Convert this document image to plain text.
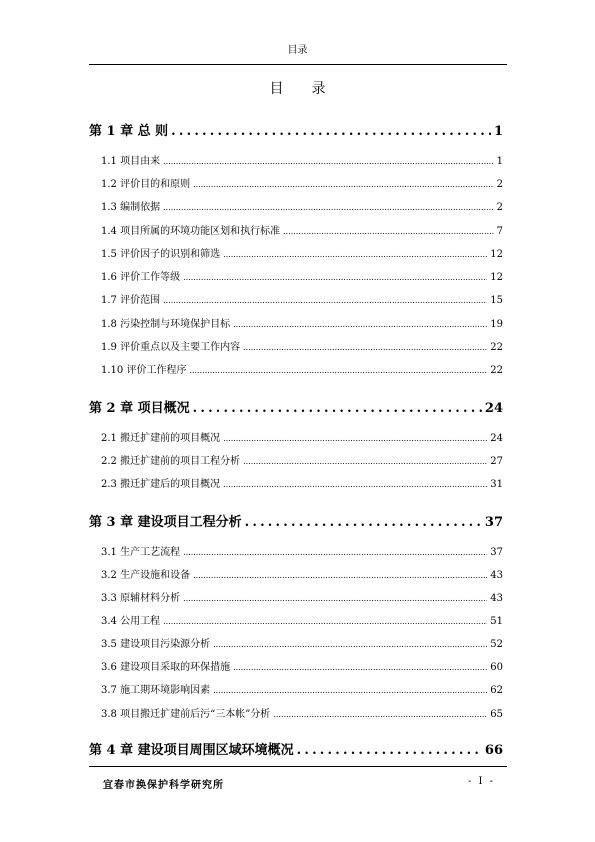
目录
目 录
第 1 章 总 则 .....	1
1.1 项目由来 .....	1
1.2 评价目的和原则 .....	2
1.3 编制依据 .....	2
1.4 项目所属的环境功能区划和执行标准 .....	7
1.5 评价因子的识别和筛选 .....	12
1.6 评价工作等级 .....	12
1.7 评价范围 .....	15
1.8 污染控制与环境保护目标 .....	19
1.9 评价重点以及主要工作内容 .....	22
1.10 评价工作程序 .....	22
第 2 章 项目概况 .....	24
2.1 搬迁扩建前的项目概况 .....	24
2.2 搬迁扩建前的项目工程分析 .....	27
2.3 搬迁扩建后的项目概况 .....	31
第 3 章 建设项目工程分析 .....	37
3.1 生产工艺流程 .....	37
3.2 生产设施和设备 .....	43
3.3 原辅材料分析 .....	43
3.4 公用工程 .....	51
3.5 建设项目污染源分析 .....	52
3.6 建设项目采取的环保措施 .....	60
3.7 施工期环境影响因素 .....	62
3.8 项目搬迁扩建前后污“三本帐”分析 .....	65
第 4 章 建设项目周围区域环境概况 .....	66
宜春市换保护科学研究所	- I -
